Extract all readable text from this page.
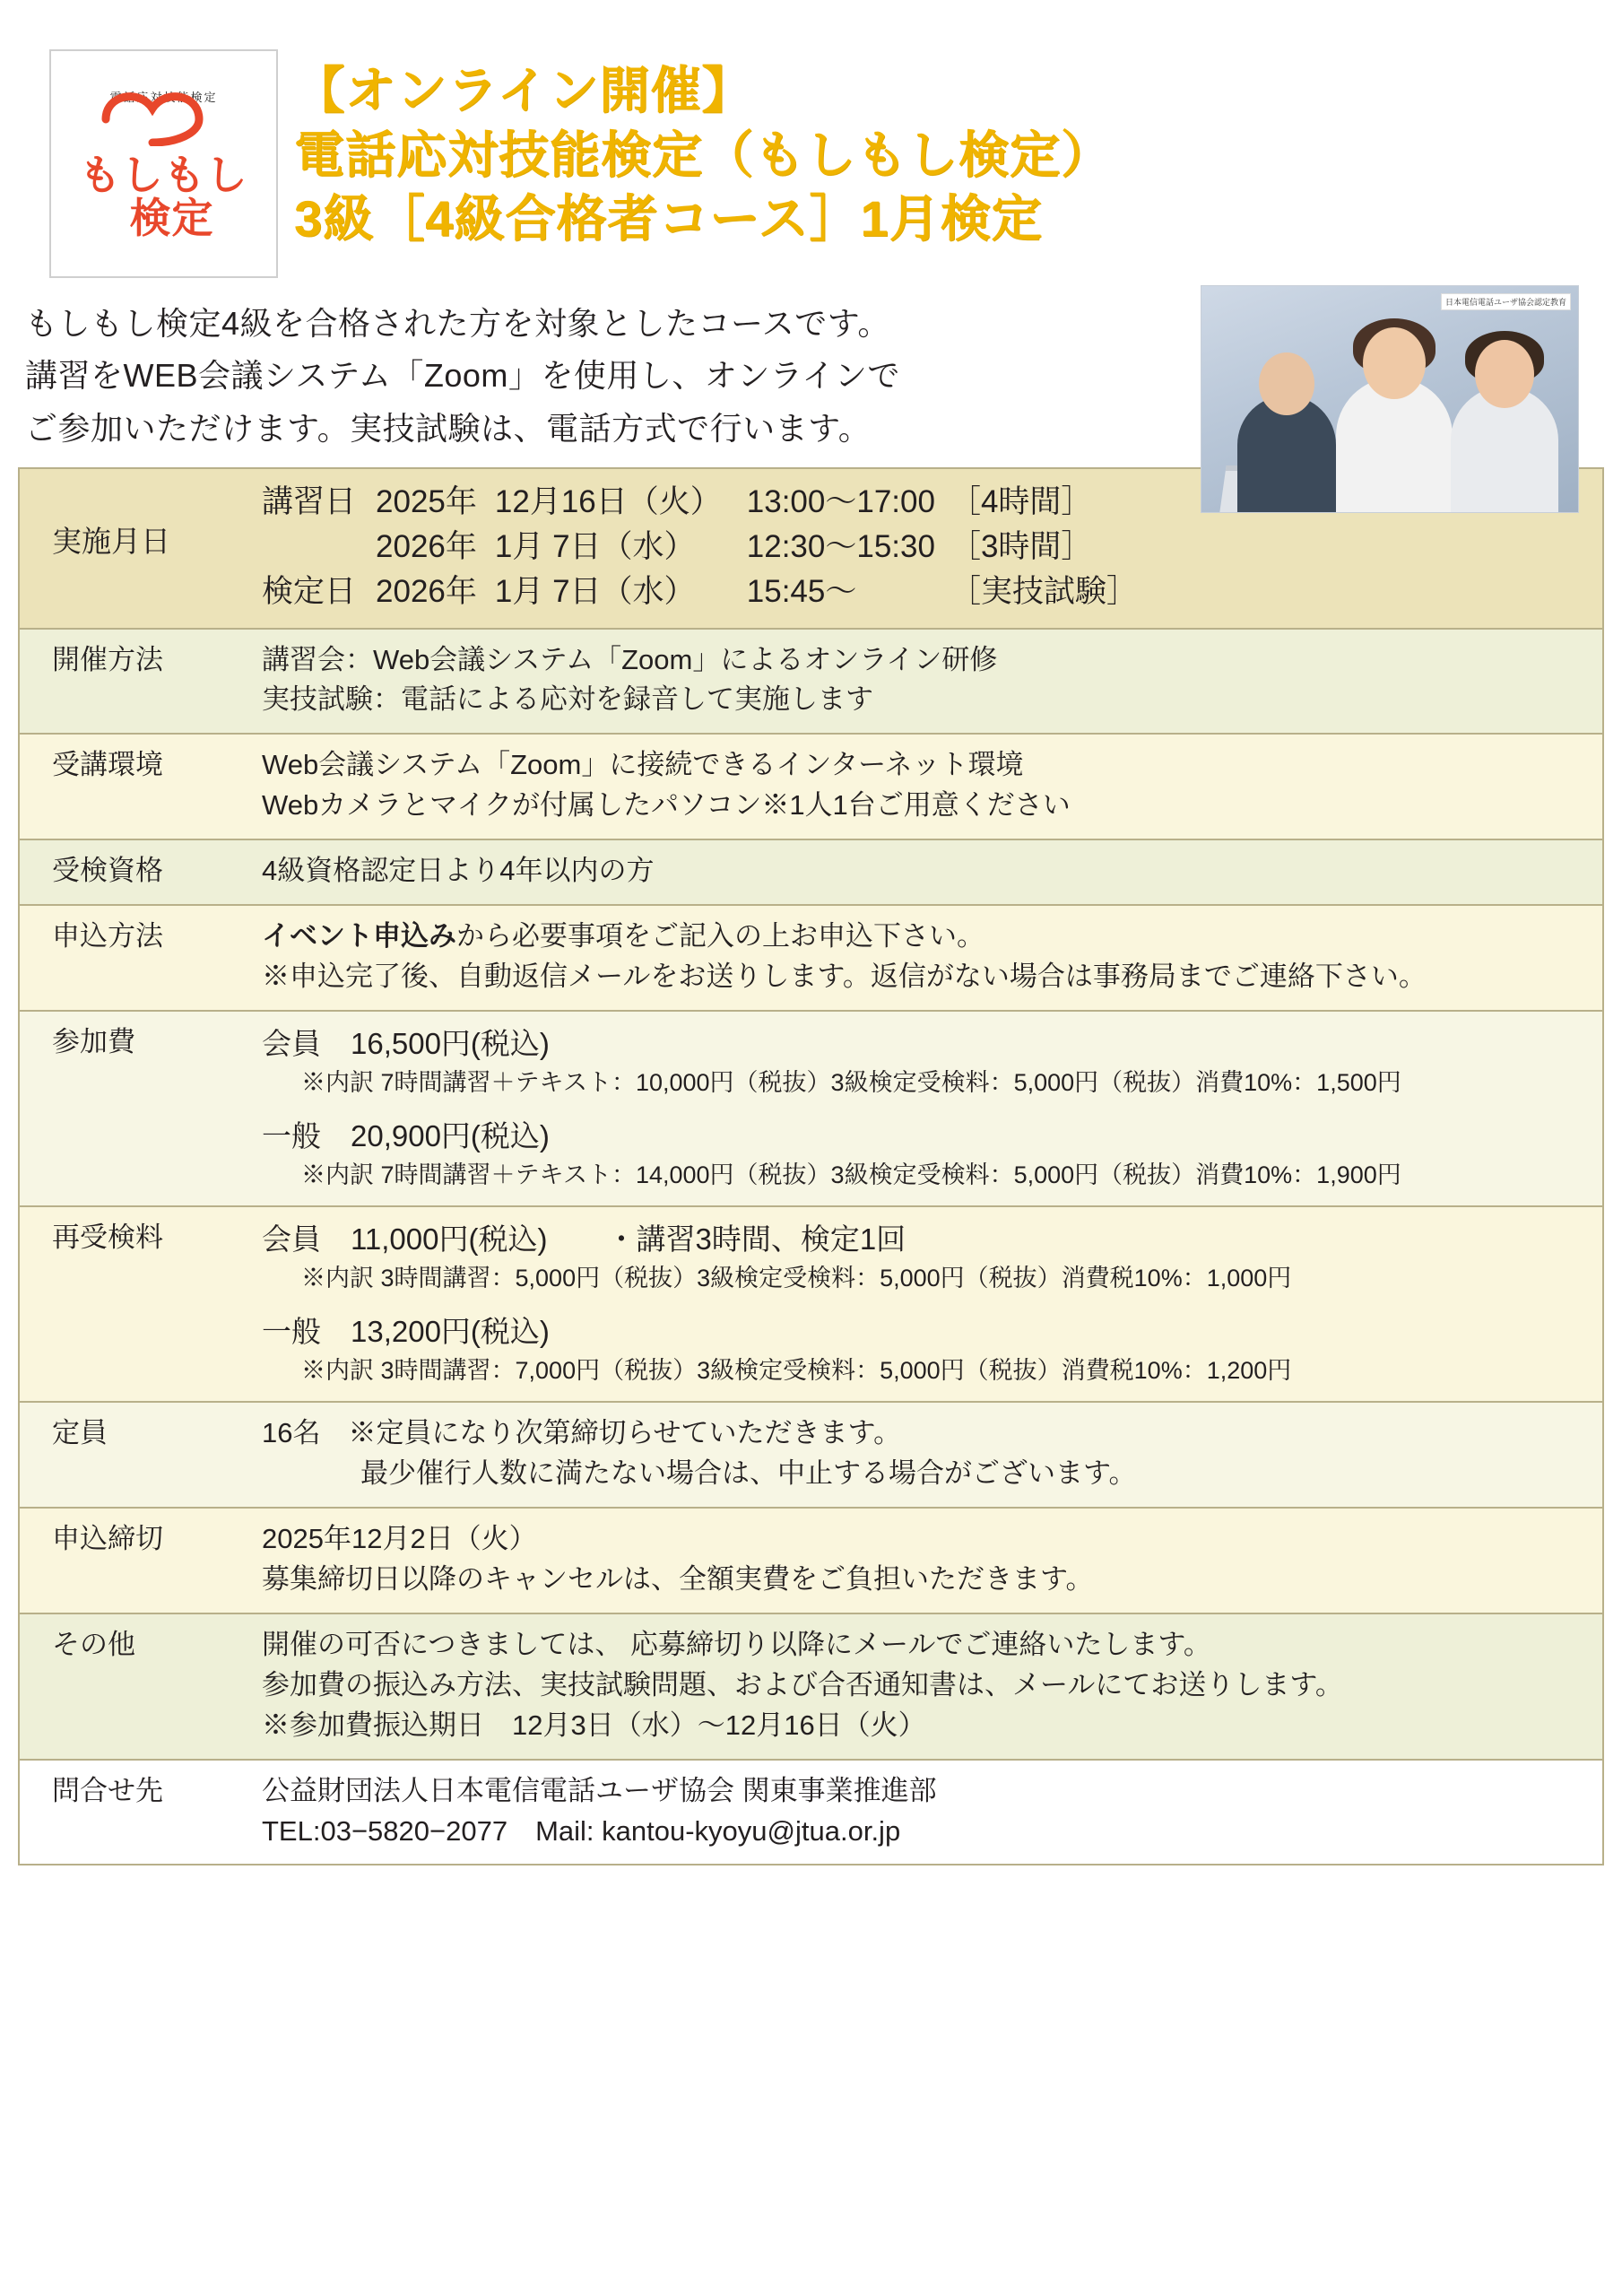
電話応対技能検定
もしもし
検定
【オンライン開催】
電話応対技能検定（もしもし検定）
3級［4級合格者コース］1月検定
日本電信電話ユーザ協会認定教育
もしもし検定4級を合格された方を対象としたコースです。
講習をWEB会議システム「Zoom」を使用し、オンラインで
ご参加いただけます。実技試験は、電話方式で行います。
実施月日	
講習日	2025年	12月16日（火）	13:00〜17:00	［4時間］
	2026年	1月 7日（水）	12:30〜15:30	［3時間］
検定日	2026年	1月 7日（水）	15:45〜	［実技試験］

開催方法	講習会：Web会議システム「Zoom」によるオンライン研修
実技試験：電話による応対を録音して実施します

受講環境	Web会議システム「Zoom」に接続できるインターネット環境
Webカメラとマイクが付属したパソコン※1人1台ご用意ください

受検資格	4級資格認定日より4年以内の方

申込方法	イベント申込みから必要事項をご記入の上お申込下さい。
※申込完了後、自動返信メールをお送りします。返信がない場合は事務局までご連絡下さい。

参加費	会員　16,500円(税込)
※内訳 7時間講習＋テキスト：10,000円（税抜）3級検定受検料：5,000円（税抜）消費10%：1,500円
一般　20,900円(税込)
※内訳 7時間講習＋テキスト：14,000円（税抜）3級検定受検料：5,000円（税抜）消費10%：1,900円

再受検料	会員　11,000円(税込)　　・講習3時間、検定1回
※内訳 3時間講習：5,000円（税抜）3級検定受検料：5,000円（税抜）消費税10%：1,000円
一般　13,200円(税込)
※内訳 3時間講習：7,000円（税抜）3級検定受検料：5,000円（税抜）消費税10%：1,200円

定員	16名　※定員になり次第締切らせていただきます。
最少催行人数に満たない場合は、中止する場合がございます。

申込締切	2025年12月2日（火）
募集締切日以降のキャンセルは、全額実費をご負担いただきます。

その他	開催の可否につきましては、 応募締切り以降にメールでご連絡いたします。
参加費の振込み方法、実技試験問題、および合否通知書は、メールにてお送りします。
※参加費振込期日　12月3日（水）〜12月16日（火）

問合せ先	公益財団法人日本電信電話ユーザ協会 関東事業推進部
TEL:03−5820−2077　Mail: kantou-kyoyu@jtua.or.jp
